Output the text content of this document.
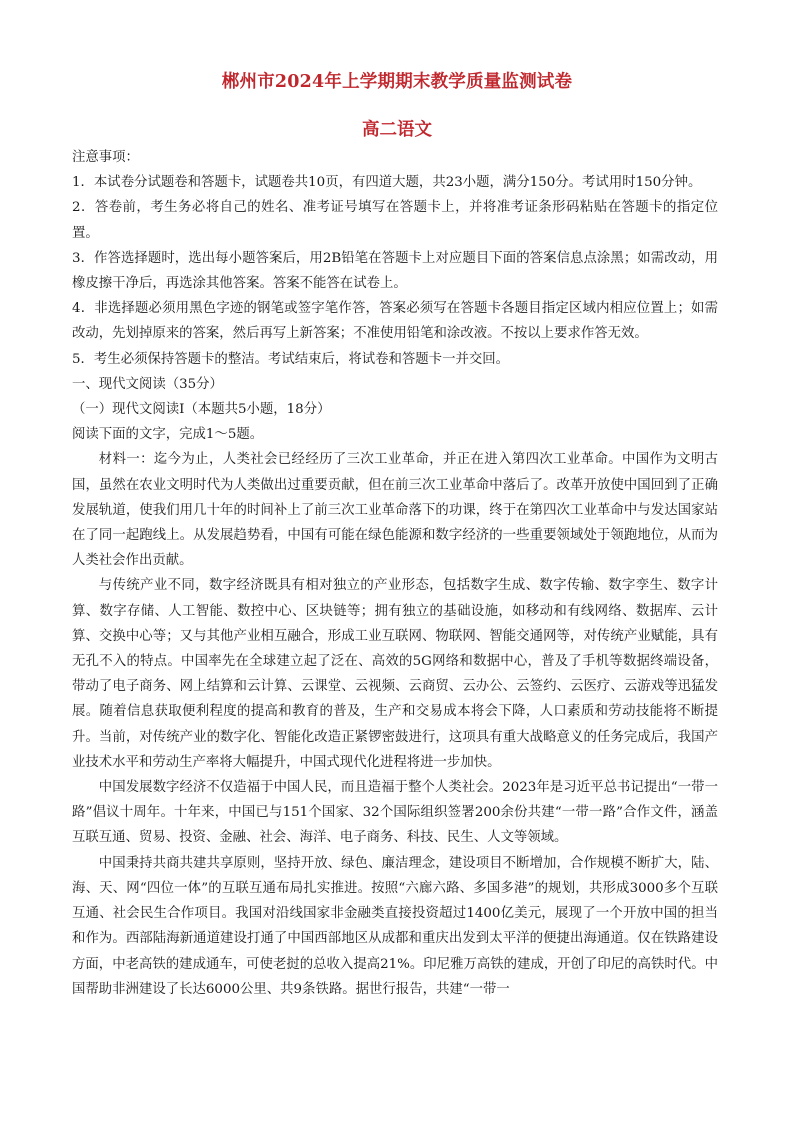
郴州市2024年上学期期末教学质量监测试卷
高二语文

注意事项：

1．本试卷分试题卷和答题卡，试题卷共10页，有四道大题，共23小题，满分150分。考试用时150分钟。

2．答卷前，考生务必将自己的姓名、准考证号填写在答题卡上，并将准考证条形码粘贴在答题卡的指定位置。

3．作答选择题时，选出每小题答案后，用2B铅笔在答题卡上对应题目下面的答案信息点涂黑；如需改动，用橡皮擦干净后，再选涂其他答案。答案不能答在试卷上。

4．非选择题必须用黑色字迹的钢笔或签字笔作答，答案必须写在答题卡各题目指定区域内相应位置上；如需改动，先划掉原来的答案，然后再写上新答案；不准使用铅笔和涂改液。不按以上要求作答无效。

5．考生必须保持答题卡的整洁。考试结束后，将试卷和答题卡一并交回。

一、现代文阅读（35分）

（一）现代文阅读Ⅰ（本题共5小题，18分）

阅读下面的文字，完成1～5题。

材料一：迄今为止，人类社会已经经历了三次工业革命，并正在进入第四次工业革命。中国作为文明古国，虽然在农业文明时代为人类做出过重要贡献，但在前三次工业革命中落后了。改革开放使中国回到了正确发展轨道，使我们用几十年的时间补上了前三次工业革命落下的功课，终于在第四次工业革命中与发达国家站在了同一起跑线上。从发展趋势看，中国有可能在绿色能源和数字经济的一些重要领域处于领跑地位，从而为人类社会作出贡献。

与传统产业不同，数字经济既具有相对独立的产业形态，包括数字生成、数字传输、数字孪生、数字计算、数字存储、人工智能、数控中心、区块链等；拥有独立的基础设施，如移动和有线网络、数据库、云计算、交换中心等；又与其他产业相互融合，形成工业互联网、物联网、智能交通网等，对传统产业赋能，具有无孔不入的特点。中国率先在全球建立起了泛在、高效的5G网络和数据中心，普及了手机等数据终端设备，带动了电子商务、网上结算和云计算、云课堂、云视频、云商贸、云办公、云签约、云医疗、云游戏等迅猛发展。随着信息获取便利程度的提高和教育的普及，生产和交易成本将会下降，人口素质和劳动技能将不断提升。当前，对传统产业的数字化、智能化改造正紧锣密鼓进行，这项具有重大战略意义的任务完成后，我国产业技术水平和劳动生产率将大幅提升，中国式现代化进程将进一步加快。

中国发展数字经济不仅造福于中国人民，而且造福于整个人类社会。2023年是习近平总书记提出“一带一路”倡议十周年。十年来，中国已与151个国家、32个国际组织签署200余份共建“一带一路”合作文件，涵盖互联互通、贸易、投资、金融、社会、海洋、电子商务、科技、民生、人文等领域。

中国秉持共商共建共享原则，坚持开放、绿色、廉洁理念，建设项目不断增加，合作规模不断扩大，陆、海、天、网“四位一体”的互联互通布局扎实推进。按照“六廊六路、多国多港”的规划，共形成3000多个互联互通、社会民生合作项目。我国对沿线国家非金融类直接投资超过1400亿美元，展现了一个开放中国的担当和作为。西部陆海新通道建设打通了中国西部地区从成都和重庆出发到太平洋的便捷出海通道。仅在铁路建设方面，中老高铁的建成通车，可使老挝的总收入提高21%。印尼雅万高铁的建成，开创了印尼的高铁时代。中国帮助非洲建设了长达6000公里、共9条铁路。据世行报告，共建“一带一
